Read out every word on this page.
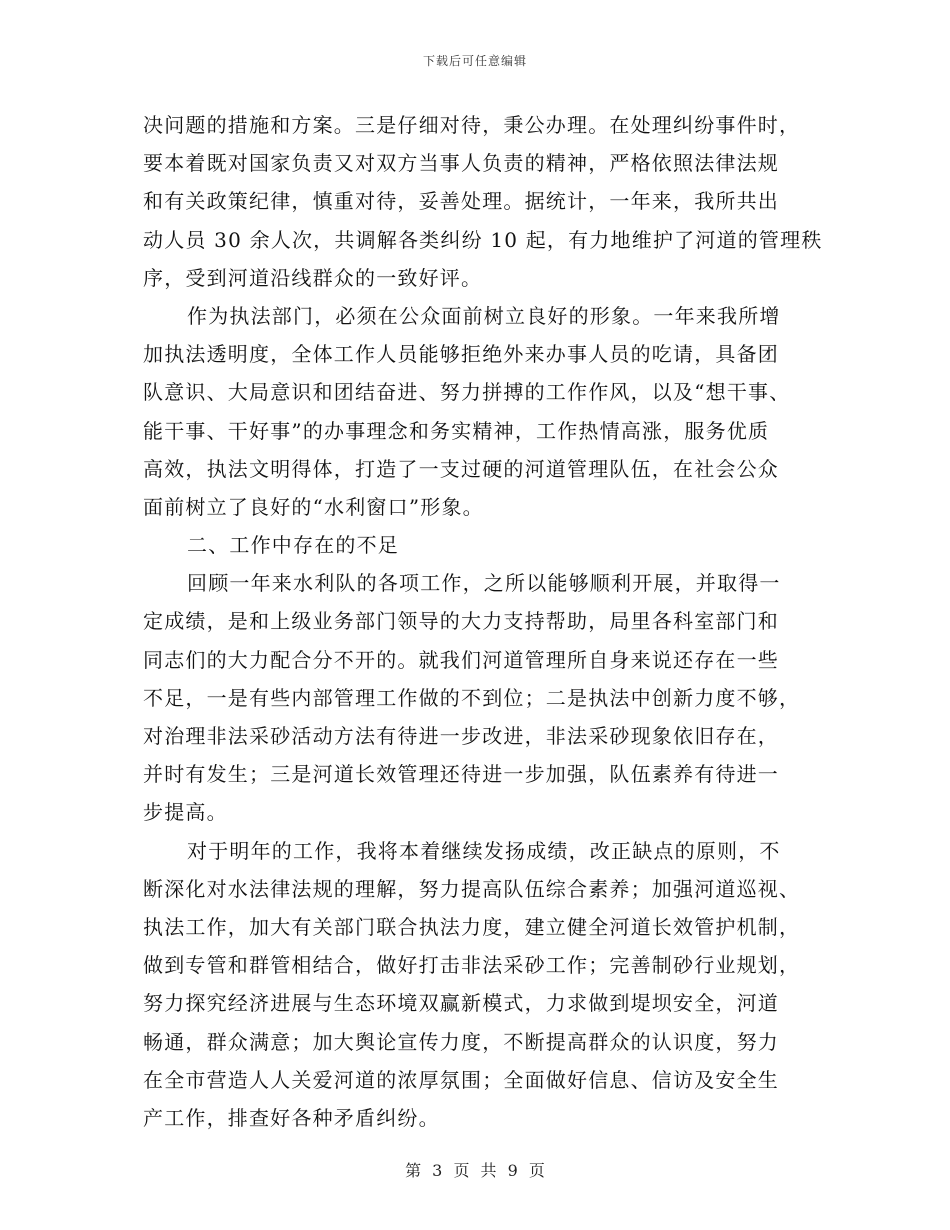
下载后可任意编辑
决问题的措施和方案。三是仔细对待，秉公办理。在处理纠纷事件时，
要本着既对国家负责又对双方当事人负责的精神，严格依照法律法规
和有关政策纪律，慎重对待，妥善处理。据统计，一年来，我所共出
动人员 30 余人次，共调解各类纠纷 10 起，有力地维护了河道的管理秩
序，受到河道沿线群众的一致好评。
作为执法部门，必须在公众面前树立良好的形象。一年来我所增
加执法透明度，全体工作人员能够拒绝外来办事人员的吃请，具备团
队意识、大局意识和团结奋进、努力拼搏的工作作风，以及“想干事、
能干事、干好事”的办事理念和务实精神，工作热情高涨，服务优质
高效，执法文明得体，打造了一支过硬的河道管理队伍，在社会公众
面前树立了良好的“水利窗口”形象。
二、工作中存在的不足
回顾一年来水利队的各项工作，之所以能够顺利开展，并取得一
定成绩，是和上级业务部门领导的大力支持帮助，局里各科室部门和
同志们的大力配合分不开的。就我们河道管理所自身来说还存在一些
不足，一是有些内部管理工作做的不到位；二是执法中创新力度不够，
对治理非法采砂活动方法有待进一步改进，非法采砂现象依旧存在，
并时有发生；三是河道长效管理还待进一步加强，队伍素养有待进一
步提高。
对于明年的工作，我将本着继续发扬成绩，改正缺点的原则，不
断深化对水法律法规的理解，努力提高队伍综合素养；加强河道巡视、
执法工作，加大有关部门联合执法力度，建立健全河道长效管护机制，
做到专管和群管相结合，做好打击非法采砂工作；完善制砂行业规划，
努力探究经济进展与生态环境双赢新模式，力求做到堤坝安全，河道
畅通，群众满意；加大舆论宣传力度，不断提高群众的认识度，努力
在全市营造人人关爱河道的浓厚氛围；全面做好信息、信访及安全生
产工作，排查好各种矛盾纠纷。
第 3 页 共 9 页
